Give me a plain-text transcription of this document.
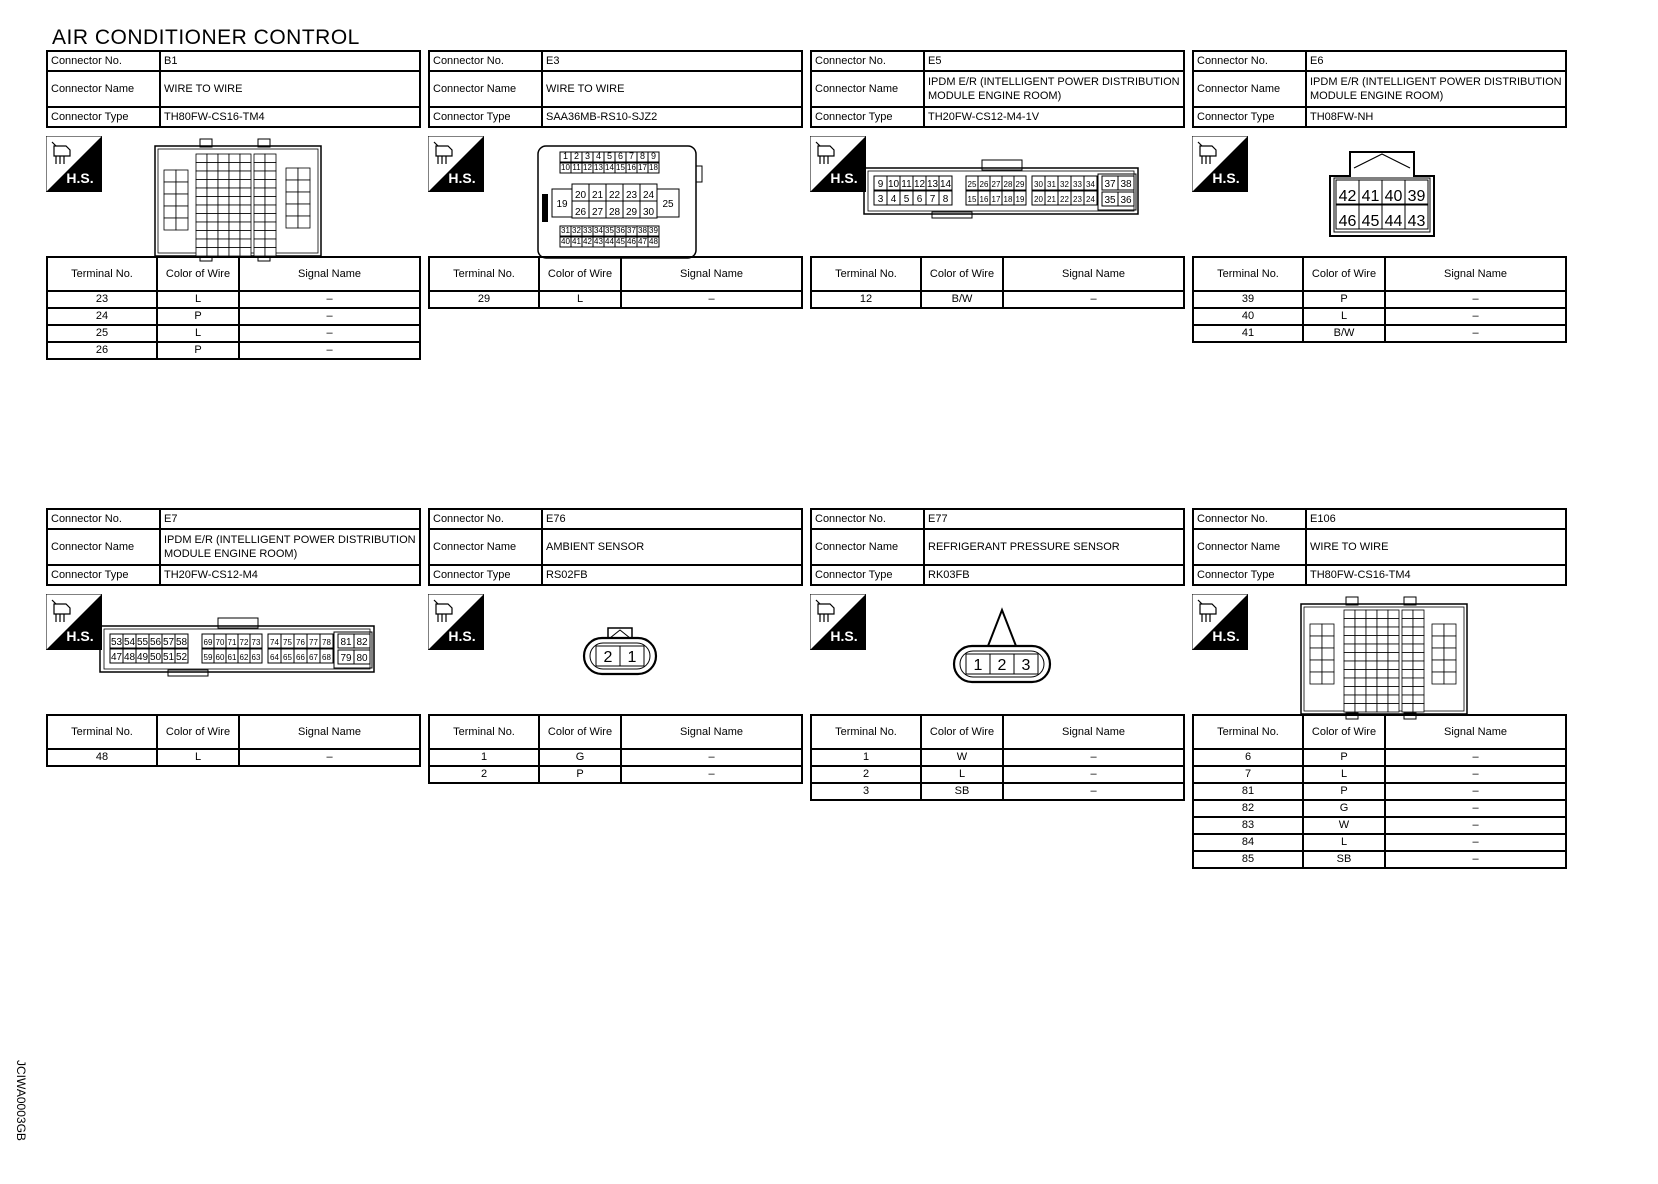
AIR CONDITIONER CONTROL
Connector No.	B1
Connector Name	WIRE TO WIRE
Connector Type	TH80FW-CS16-TM4
H.S.
Terminal No.	Color of Wire	Signal Name
23	L	–
24	P	–
25	L	–
26	P	–
Connector No.	E3
Connector Name	WIRE TO WIRE
Connector Type	SAA36MB-RS10-SJZ2
H.S.
1 2 3 4 5 6 7 8 9
10 11 12 13 14 15 16 17 18
19
20 21 22 23 24
26 27 28 29 30
25
31 32 33 34 35 36 37 38 39
40 41 42 43 44 45 46 47 48
Terminal No.	Color of Wire	Signal Name
29	L	–
Connector No.	E5
Connector Name	IPDM E/R (INTELLIGENT POWER DISTRIBUTION MODULE ENGINE ROOM)
Connector Type	TH20FW-CS12-M4-1V
H.S. 9 10 11 12 13 14
3 4 5 6 7 8
25 26 27 28 29
15 16 17 18 19
30 31 32 33 34
20 21 22 23 24
37 38
35 36
Terminal No.	Color of Wire	Signal Name
12	B/W	–
Connector No.	E6
Connector Name	IPDM E/R (INTELLIGENT POWER DISTRIBUTION MODULE ENGINE ROOM)
Connector Type	TH08FW-NH
H.S.
42 41 40 39
46 45 44 43
Terminal No.	Color of Wire	Signal Name
39	P	–
40	L	–
41	B/W	–
Connector No.	E7
Connector Name	IPDM E/R (INTELLIGENT POWER DISTRIBUTION MODULE ENGINE ROOM)
Connector Type	TH20FW-CS12-M4
H.S. 53 54 55 56 57 58
47 48 49 50 51 52
69 70 71 72 73
59 60 61 62 63
74 75 76 77 78
64 65 66 67 68
81 82
79 80
Terminal No.	Color of Wire	Signal Name
48	L	–
Connector No.	E76
Connector Name	AMBIENT SENSOR
Connector Type	RS02FB
H.S.
2 1
Terminal No.	Color of Wire	Signal Name
1	G	–
2	P	–
Connector No.	E77
Connector Name	REFRIGERANT PRESSURE SENSOR
Connector Type	RK03FB
H.S.
1 2 3
Terminal No.	Color of Wire	Signal Name
1	W	–
2	L	–
3	SB	–
Connector No.	E106
Connector Name	WIRE TO WIRE
Connector Type	TH80FW-CS16-TM4
H.S.
Terminal No.	Color of Wire	Signal Name
6	P	–
7	L	–
81	P	–
82	G	–
83	W	–
84	L	–
85	SB	–
JCIWA0003GB
